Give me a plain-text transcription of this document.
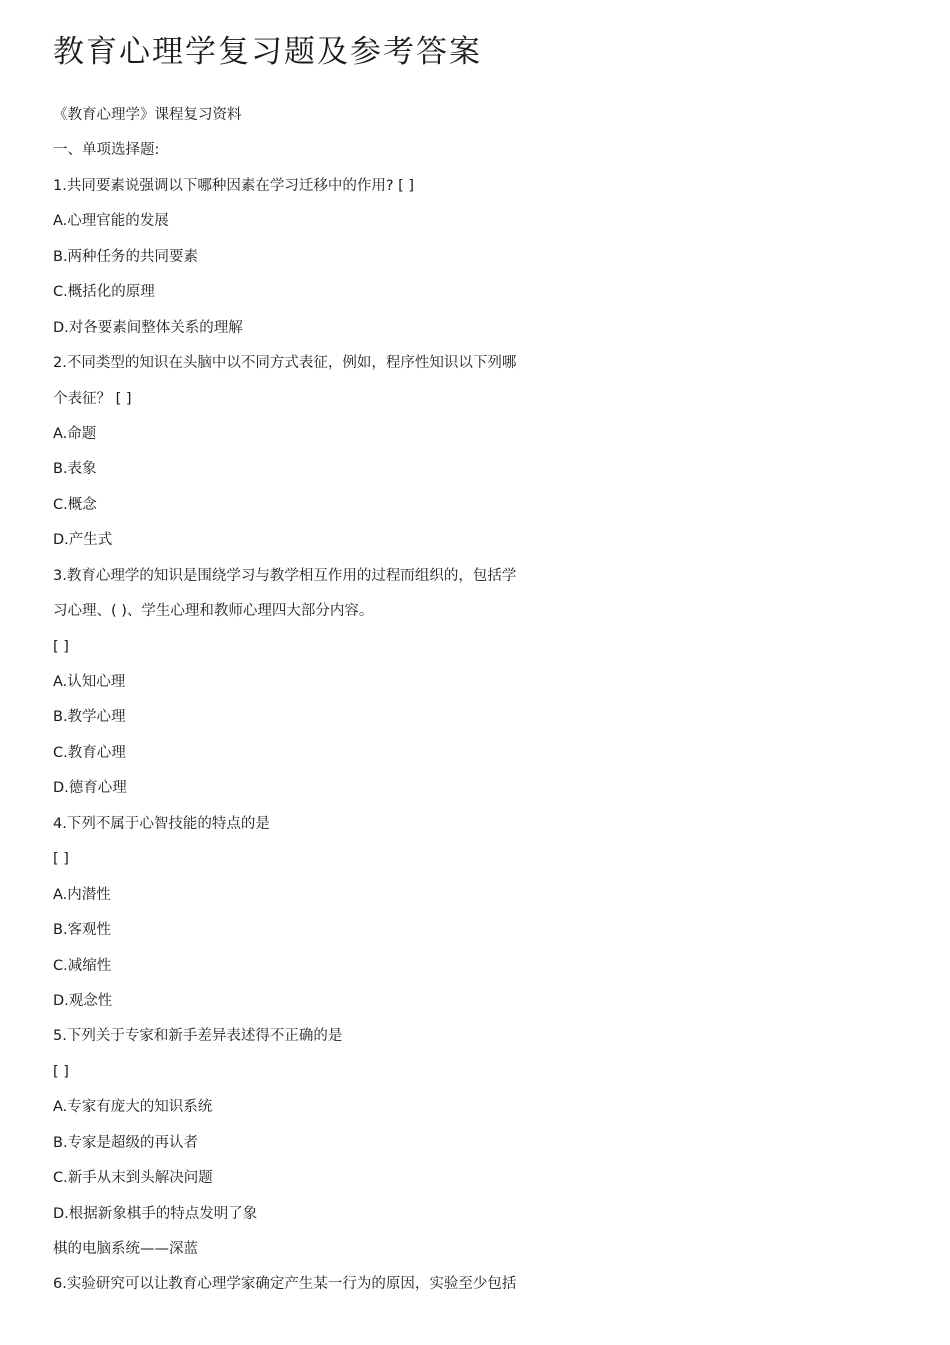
教育心理学复习题及参考答案
《教育心理学》课程复习资料
一、单项选择题:
1.共同要素说强调以下哪种因素在学习迁移中的作用? [ ]
A.心理官能的发展
B.两种任务的共同要素
C.概括化的原理
D.对各要素间整体关系的理解
2.不同类型的知识在头脑中以不同方式表征，例如，程序性知识以下列哪
个表征？ [ ]
A.命题
B.表象
C.概念
D.产生式
3.教育心理学的知识是围绕学习与教学相互作用的过程而组织的，包括学
习心理、( )、学生心理和教师心理四大部分内容。
[ ]
A.认知心理
B.教学心理
C.教育心理
D.德育心理
4.下列不属于心智技能的特点的是
[ ]
A.内潜性
B.客观性
C.减缩性
D.观念性
5.下列关于专家和新手差异表述得不正确的是
[ ]
A.专家有庞大的知识系统
B.专家是超级的再认者
C.新手从末到头解决问题
D.根据新象棋手的特点发明了象
棋的电脑系统——深蓝
6.实验研究可以让教育心理学家确定产生某一行为的原因，实验至少包括
